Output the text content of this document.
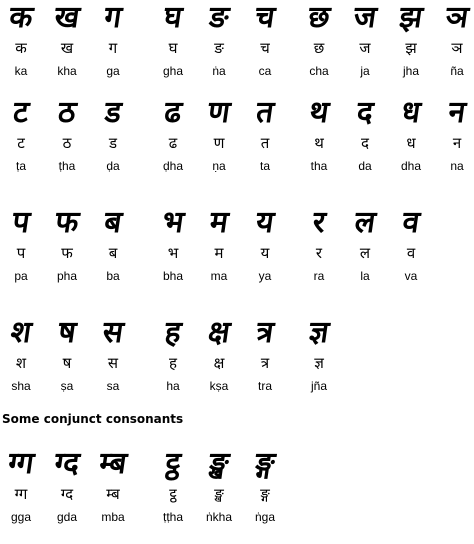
क
क
ka
ख
ख
kha
ग
ग
ga
घ
घ
gha
ङ
ङ
ṅa
च
च
ca
छ
छ
cha
ज
ज
ja
झ
झ
jha
ञ
ञ
ña
ट
ट
ṭa
ठ
ठ
ṭha
ड
ड
ḍa
ढ
ढ
ḍha
ण
ण
ṇa
त
त
ta
थ
थ
tha
द
द
da
ध
ध
dha
न
न
na
प
प
pa
फ
फ
pha
ब
ब
ba
भ
भ
bha
म
म
ma
य
य
ya
र
र
ra
ल
ल
la
व
व
va
श
श
sha
ष
ष
ṣa
स
स
sa
ह
ह
ha
क्ष
क्ष
kṣa
त्र
त्र
tra
ज्ञ
ज्ञ
jña
Some conjunct consonants
ग्ग
ग्ग
gga
ग्द
ग्द
gda
म्ब
म्ब
mba
ट्ठ
ट्ठ
ṭṭha
ङ्ख
ङ्ख
ṅkha
ङ्ग
ङ्ग
ṅga
